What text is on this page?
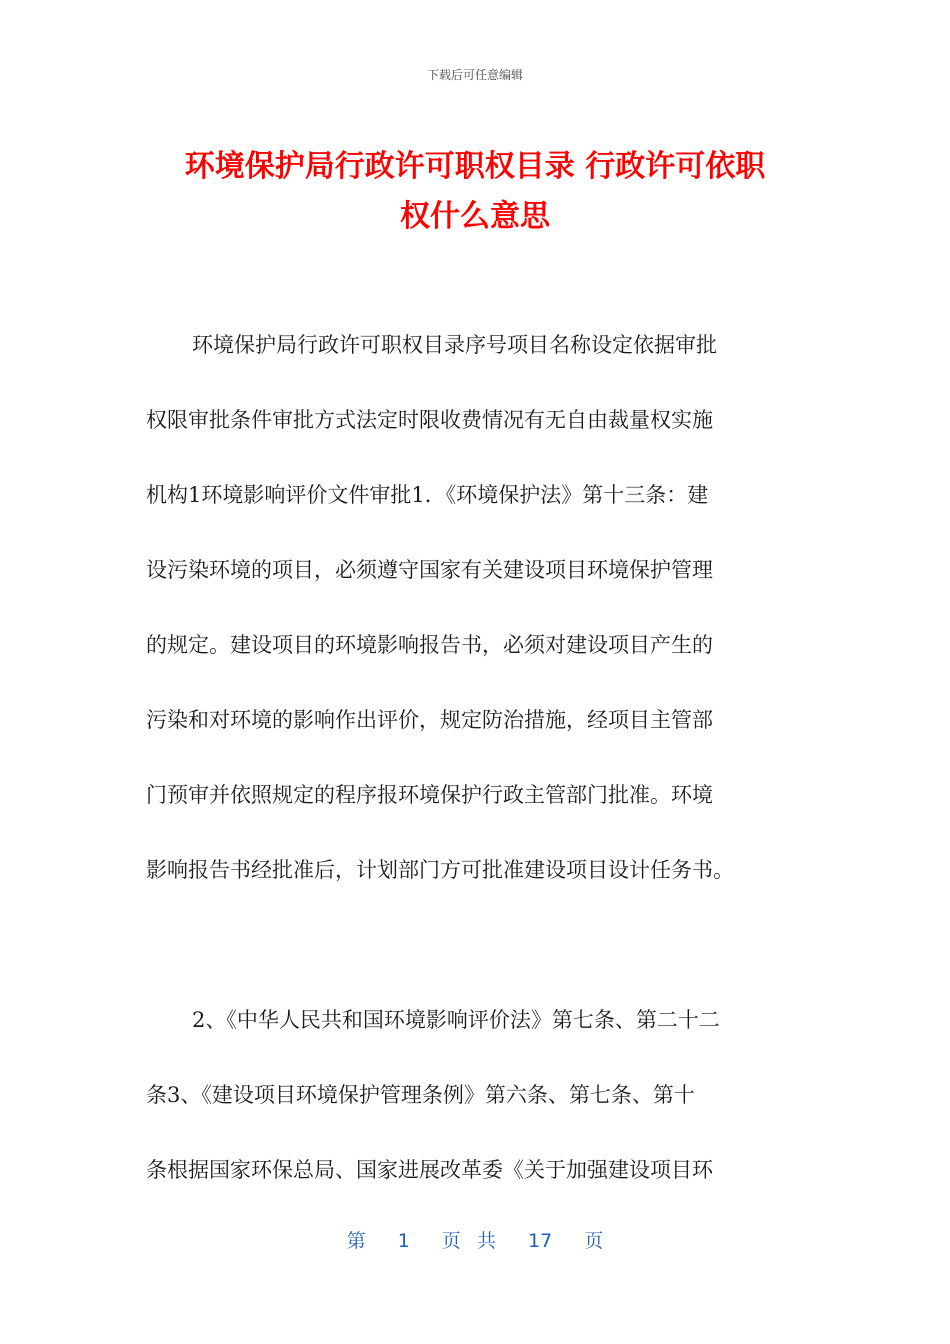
下载后可任意编辑
环境保护局行政许可职权目录 行政许可依职
权什么意思
环境保护局行政许可职权目录序号项目名称设定依据审批
权限审批条件审批方式法定时限收费情况有无自由裁量权实施
机构1环境影响评价文件审批1．《环境保护法》第十三条：建
设污染环境的项目，必须遵守国家有关建设项目环境保护管理
的规定。建设项目的环境影响报告书，必须对建设项目产生的
污染和对环境的影响作出评价，规定防治措施，经项目主管部
门预审并依照规定的程序报环境保护行政主管部门批准。环境
影响报告书经批准后，计划部门方可批准建设项目设计任务书。
2、《中华人民共和国环境影响评价法》第七条、第二十二
条3、《建设项目环境保护管理条例》第六条、第七条、第十
条根据国家环保总局、国家进展改革委《关于加强建设项目环
第  1  页 共  17  页
